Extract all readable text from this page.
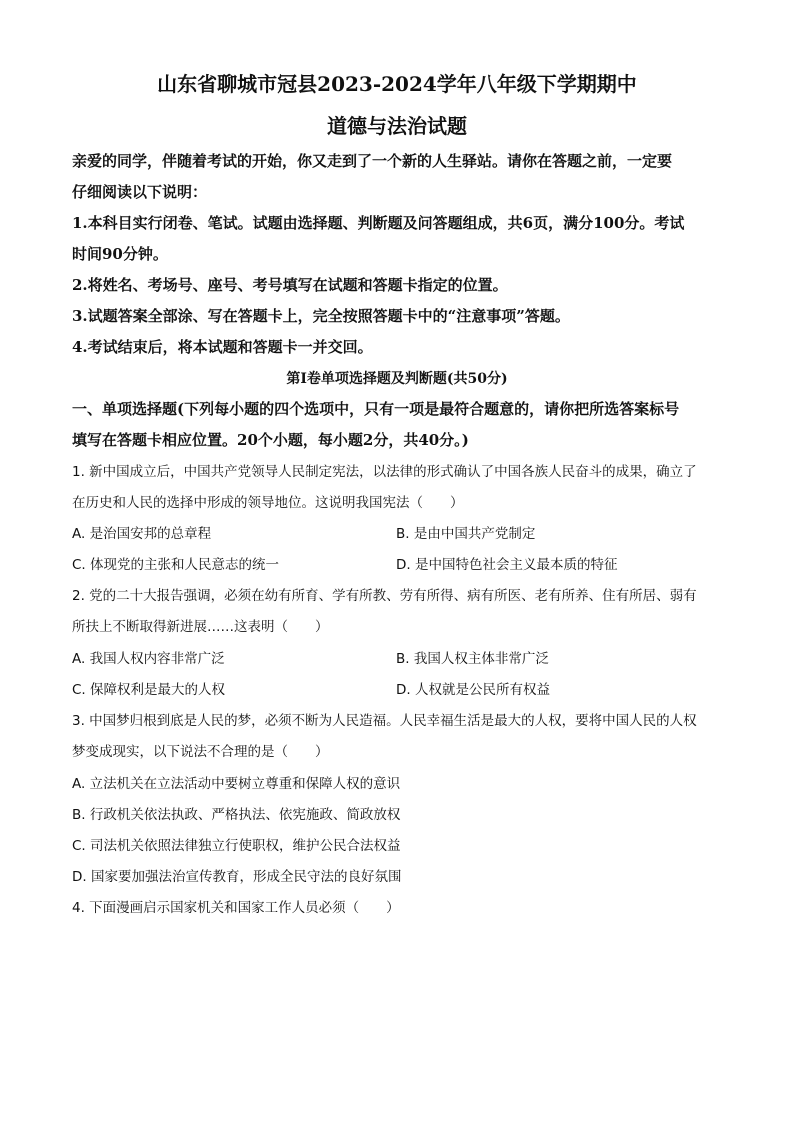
山东省聊城市冠县2023-2024学年八年级下学期期中
道德与法治试题
亲爱的同学，伴随着考试的开始，你又走到了一个新的人生驿站。请你在答题之前，一定要
仔细阅读以下说明：
1.本科目实行闭卷、笔试。试题由选择题、判断题及问答题组成，共6页，满分100分。考试
时间90分钟。
2.将姓名、考场号、座号、考号填写在试题和答题卡指定的位置。
3.试题答案全部涂、写在答题卡上，完全按照答题卡中的“注意事项”答题。
4.考试结束后，将本试题和答题卡一并交回。
第Ⅰ卷单项选择题及判断题(共50分)
一、单项选择题(下列每小题的四个选项中，只有一项是最符合题意的，请你把所选答案标号
填写在答题卡相应位置。20个小题，每小题2分，共40分。)
1. 新中国成立后，中国共产党领导人民制定宪法，以法律的形式确认了中国各族人民奋斗的成果，确立了
在历史和人民的选择中形成的领导地位。这说明我国宪法（　　）
A. 是治国安邦的总章程	B. 是由中国共产党制定
C. 体现党的主张和人民意志的统一	D. 是中国特色社会主义最本质的特征
2. 党的二十大报告强调，必须在幼有所育、学有所教、劳有所得、病有所医、老有所养、住有所居、弱有
所扶上不断取得新进展……这表明（　　）
A. 我国人权内容非常广泛	B. 我国人权主体非常广泛
C. 保障权利是最大的人权	D. 人权就是公民所有权益
3. 中国梦归根到底是人民的梦，必须不断为人民造福。人民幸福生活是最大的人权，要将中国人民的人权
梦变成现实，以下说法不合理的是（　　）
A. 立法机关在立法活动中要树立尊重和保障人权的意识
B. 行政机关依法执政、严格执法、依宪施政、简政放权
C. 司法机关依照法律独立行使职权，维护公民合法权益
D. 国家要加强法治宣传教育，形成全民守法的良好氛围
4. 下面漫画启示国家机关和国家工作人员必须（　　）
